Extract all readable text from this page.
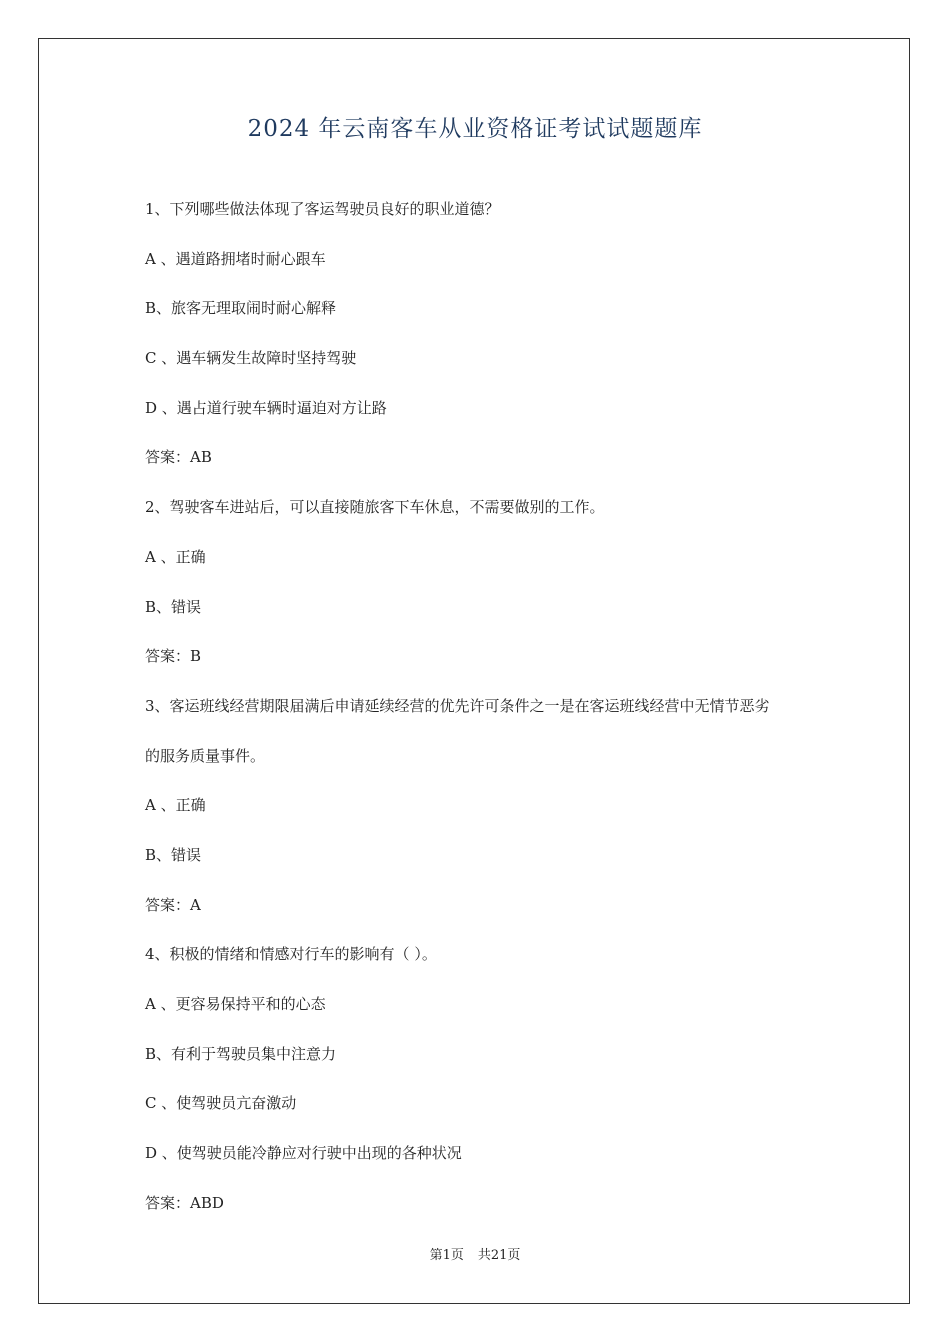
2024 年云南客车从业资格证考试试题题库
1、下列哪些做法体现了客运驾驶员良好的职业道德？
A 、遇道路拥堵时耐心跟车
B、旅客无理取闹时耐心解释
C 、遇车辆发生故障时坚持驾驶
D 、遇占道行驶车辆时逼迫对方让路
答案：AB
2、驾驶客车进站后，可以直接随旅客下车休息，不需要做别的工作。
A 、正确
B、错误
答案：B
3、客运班线经营期限届满后申请延续经营的优先许可条件之一是在客运班线经营中无情节恶劣
的服务质量事件。
A 、正确
B、错误
答案：A
4、积极的情绪和情感对行车的影响有（ ）。
A 、更容易保持平和的心态
B、有利于驾驶员集中注意力
C 、使驾驶员亢奋激动
D 、使驾驶员能冷静应对行驶中出现的各种状况
答案：ABD
第1页 共21页
